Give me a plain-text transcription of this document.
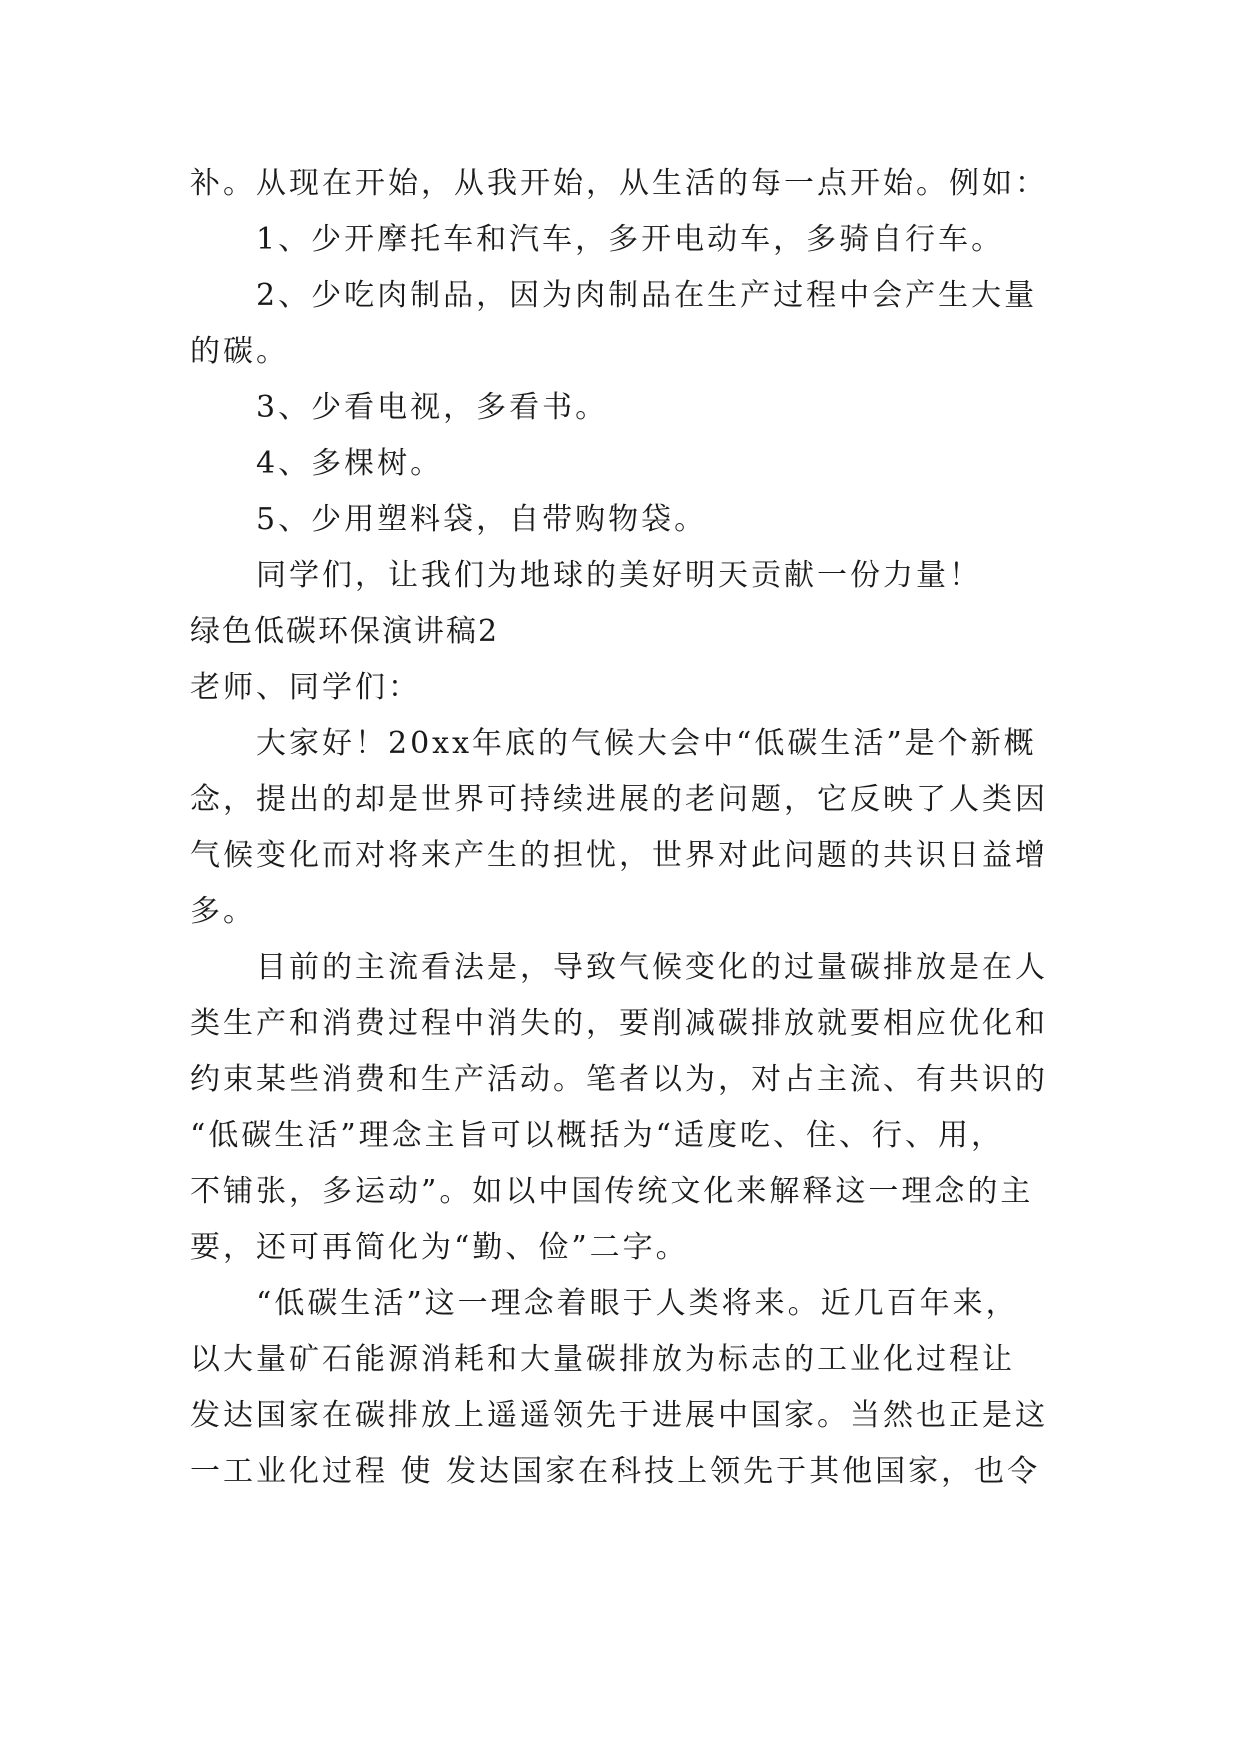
补。从现在开始，从我开始，从生活的每一点开始。例如：
1、少开摩托车和汽车，多开电动车，多骑自行车。
2、少吃肉制品，因为肉制品在生产过程中会产生大量
的碳。
3、少看电视，多看书。
4、多棵树。
5、少用塑料袋，自带购物袋。
同学们，让我们为地球的美好明天贡献一份力量！
绿色低碳环保演讲稿2
老师、同学们：
大家好！20xx年底的气候大会中“低碳生活”是个新概
念，提出的却是世界可持续进展的老问题，它反映了人类因
气候变化而对将来产生的担忧，世界对此问题的共识日益增
多。
目前的主流看法是，导致气候变化的过量碳排放是在人
类生产和消费过程中消失的，要削减碳排放就要相应优化和
约束某些消费和生产活动。笔者以为，对占主流、有共识的
“低碳生活”理念主旨可以概括为“适度吃、住、行、用，
不铺张，多运动”。如以中国传统文化来解释这一理念的主
要，还可再简化为“勤、俭”二字。
“低碳生活”这一理念着眼于人类将来。近几百年来，
以大量矿石能源消耗和大量碳排放为标志的工业化过程让
发达国家在碳排放上遥遥领先于进展中国家。当然也正是这
一工业化过程 使 发达国家在科技上领先于其他国家，也令
